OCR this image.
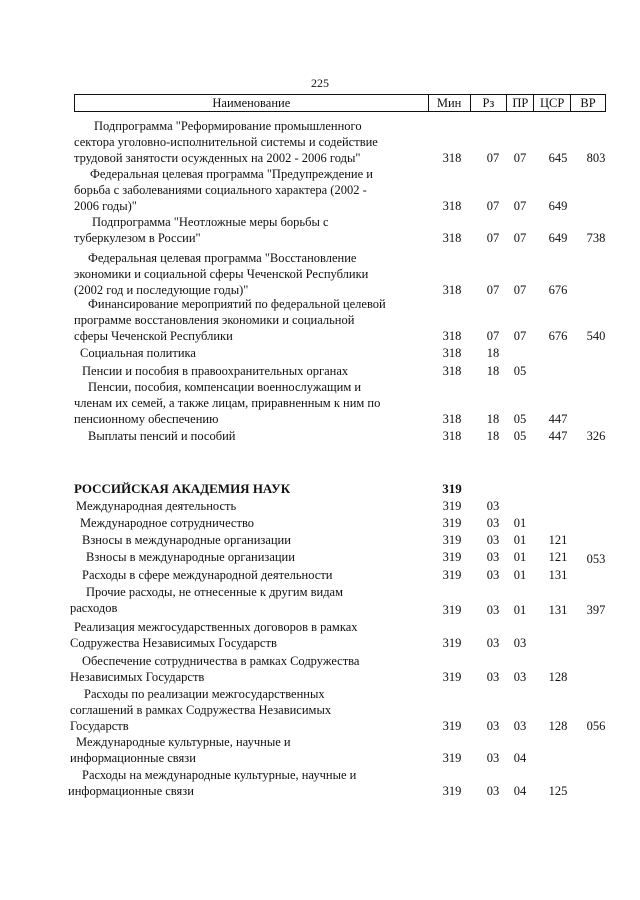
225
Наименование	Мин	Рз	ПР ЦСР	ВР
Подпрограмма "Реформирование промышленного
сектора уголовно-исполнительной системы и содействие
трудовой занятости осужденных на 2002 - 2006 годы"	318	07	07	645	803
Федеральная целевая программа "Предупреждение и
борьба с заболеваниями социального характера (2002 -
2006 годы)"	318	07	07	649
Подпрограмма "Неотложные меры борьбы с
туберкулезом в России"	318	07	07	649	738
Федеральная целевая программа "Восстановление
экономики и социальной сферы Чеченской Республики
(2002 год и последующие годы)"	318	07	07	676
Финансирование мероприятий по федеральной целевой
программе восстановления экономики и социальной
сферы Чеченской Республики	318	07	07	676	540
Социальная политика	318	18
Пенсии и пособия в правоохранительных органах	318	18	05
Пенсии, пособия, компенсации военнослужащим и
членам их семей, а также лицам, приравненным к ним по
пенсионному обеспечению	318	18	05	447
Выплаты пенсий и пособий	318	18	05	447	326
РОССИЙСКАЯ АКАДЕМИЯ НАУК	319
Международная деятельность	319	03
Международное сотрудничество	319	03	01
Взносы в международные организации	319	03	01	121
Взносы в международные организации	319	03	01	121	053
Расходы в сфере международной деятельности	319	03	01	131
Прочие расходы, не отнесенные к другим видам
расходов	319	03	01	131	397
Реализация межгосударственных договоров в рамках
Содружества Независимых Государств	319	03	03
Обеспечение сотрудничества в рамках Содружества
Независимых Государств	319	03	03	128
Расходы по реализации межгосударственных
соглашений в рамках Содружества Независимых
Государств	319	03	03	128	056
Международные культурные, научные и
информационные связи	319	03	04
Расходы на международные культурные, научные и
информационные связи	319	03	04	125
